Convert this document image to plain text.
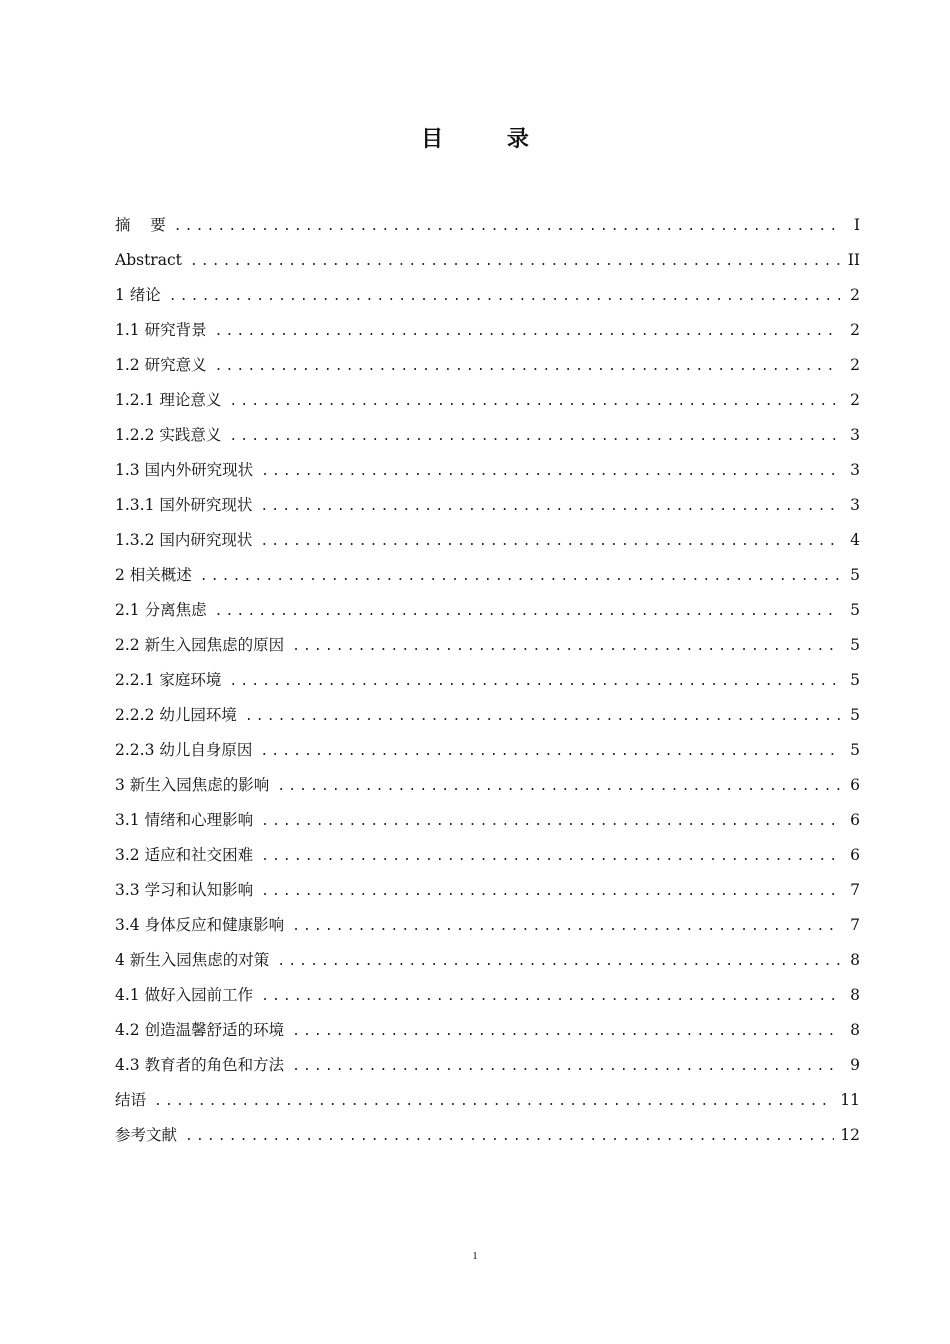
目 录
摘    要 .....	I
Abstract .....	II
1 绪论 .....	2
1.1 研究背景 .....	2
1.2 研究意义 .....	2
1.2.1 理论意义 .....	2
1.2.2 实践意义 .....	3
1.3 国内外研究现状 .....	3
1.3.1 国外研究现状 .....	3
1.3.2 国内研究现状 .....	4
2 相关概述 .....	5
2.1 分离焦虑 .....	5
2.2 新生入园焦虑的原因 .....	5
2.2.1 家庭环境 .....	5
2.2.2 幼儿园环境 .....	5
2.2.3 幼儿自身原因 .....	5
3 新生入园焦虑的影响 .....	6
3.1 情绪和心理影响 .....	6
3.2 适应和社交困难 .....	6
3.3 学习和认知影响 .....	7
3.4 身体反应和健康影响 .....	7
4 新生入园焦虑的对策 .....	8
4.1 做好入园前工作 .....	8
4.2 创造温馨舒适的环境 .....	8
4.3 教育者的角色和方法 .....	9
结语 .....	11
参考文献 .....	12
1
